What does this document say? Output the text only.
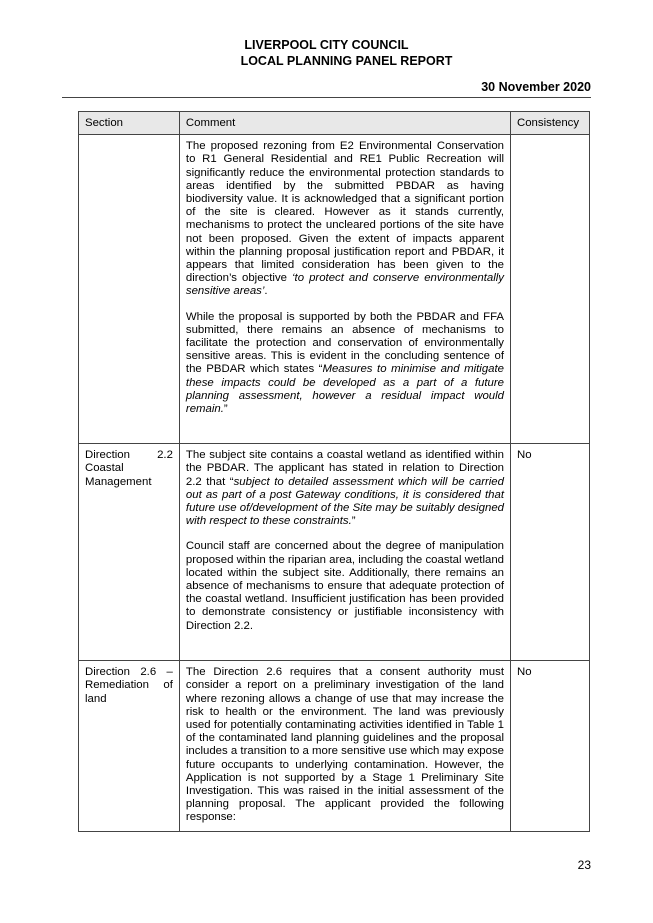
LIVERPOOL CITY COUNCIL
LOCAL PLANNING PANEL REPORT
30 November 2020
Section	Comment	Consistency

	The proposed rezoning from E2 Environmental Conservation to R1 General Residential and RE1 Public Recreation will significantly reduce the environmental protection standards to areas identified by the submitted PBDAR as having biodiversity value. It is acknowledged that a significant portion of the site is cleared. However as it stands currently, mechanisms to protect the uncleared portions of the site have not been proposed. Given the extent of impacts apparent within the planning proposal justification report and PBDAR, it appears that limited consideration has been given to the direction’s objective ‘to protect and conserve environmentally sensitive areas’.

While the proposal is supported by both the PBDAR and FFA submitted, there remains an absence of mechanisms to facilitate the protection and conservation of environmentally sensitive areas. This is evident in the concluding sentence of the PBDAR which states “Measures to minimise and mitigate these impacts could be developed as a part of a future planning assessment, however a residual impact would remain.”	

Direction 2.2 Coastal Management	The subject site contains a coastal wetland as identified within the PBDAR. The applicant has stated in relation to Direction 2.2 that “subject to detailed assessment which will be carried out as part of a post Gateway conditions, it is considered that future use of/development of the Site may be suitably designed with respect to these constraints.”

Council staff are concerned about the degree of manipulation proposed within the riparian area, including the coastal wetland located within the subject site. Additionally, there remains an absence of mechanisms to ensure that adequate protection of the coastal wetland. Insufficient justification has been provided to demonstrate consistency or justifiable inconsistency with Direction 2.2.	No
Direction 2.6 – Remediation of land	The Direction 2.6 requires that a consent authority must consider a report on a preliminary investigation of the land where rezoning allows a change of use that may increase the risk to health or the environment. The land was previously used for potentially contaminating activities identified in Table 1 of the contaminated land planning guidelines and the proposal includes a transition to a more sensitive use which may expose future occupants to underlying contamination. However, the Application is not supported by a Stage 1 Preliminary Site Investigation. This was raised in the initial assessment of the planning proposal. The applicant provided the following response:	No
23
